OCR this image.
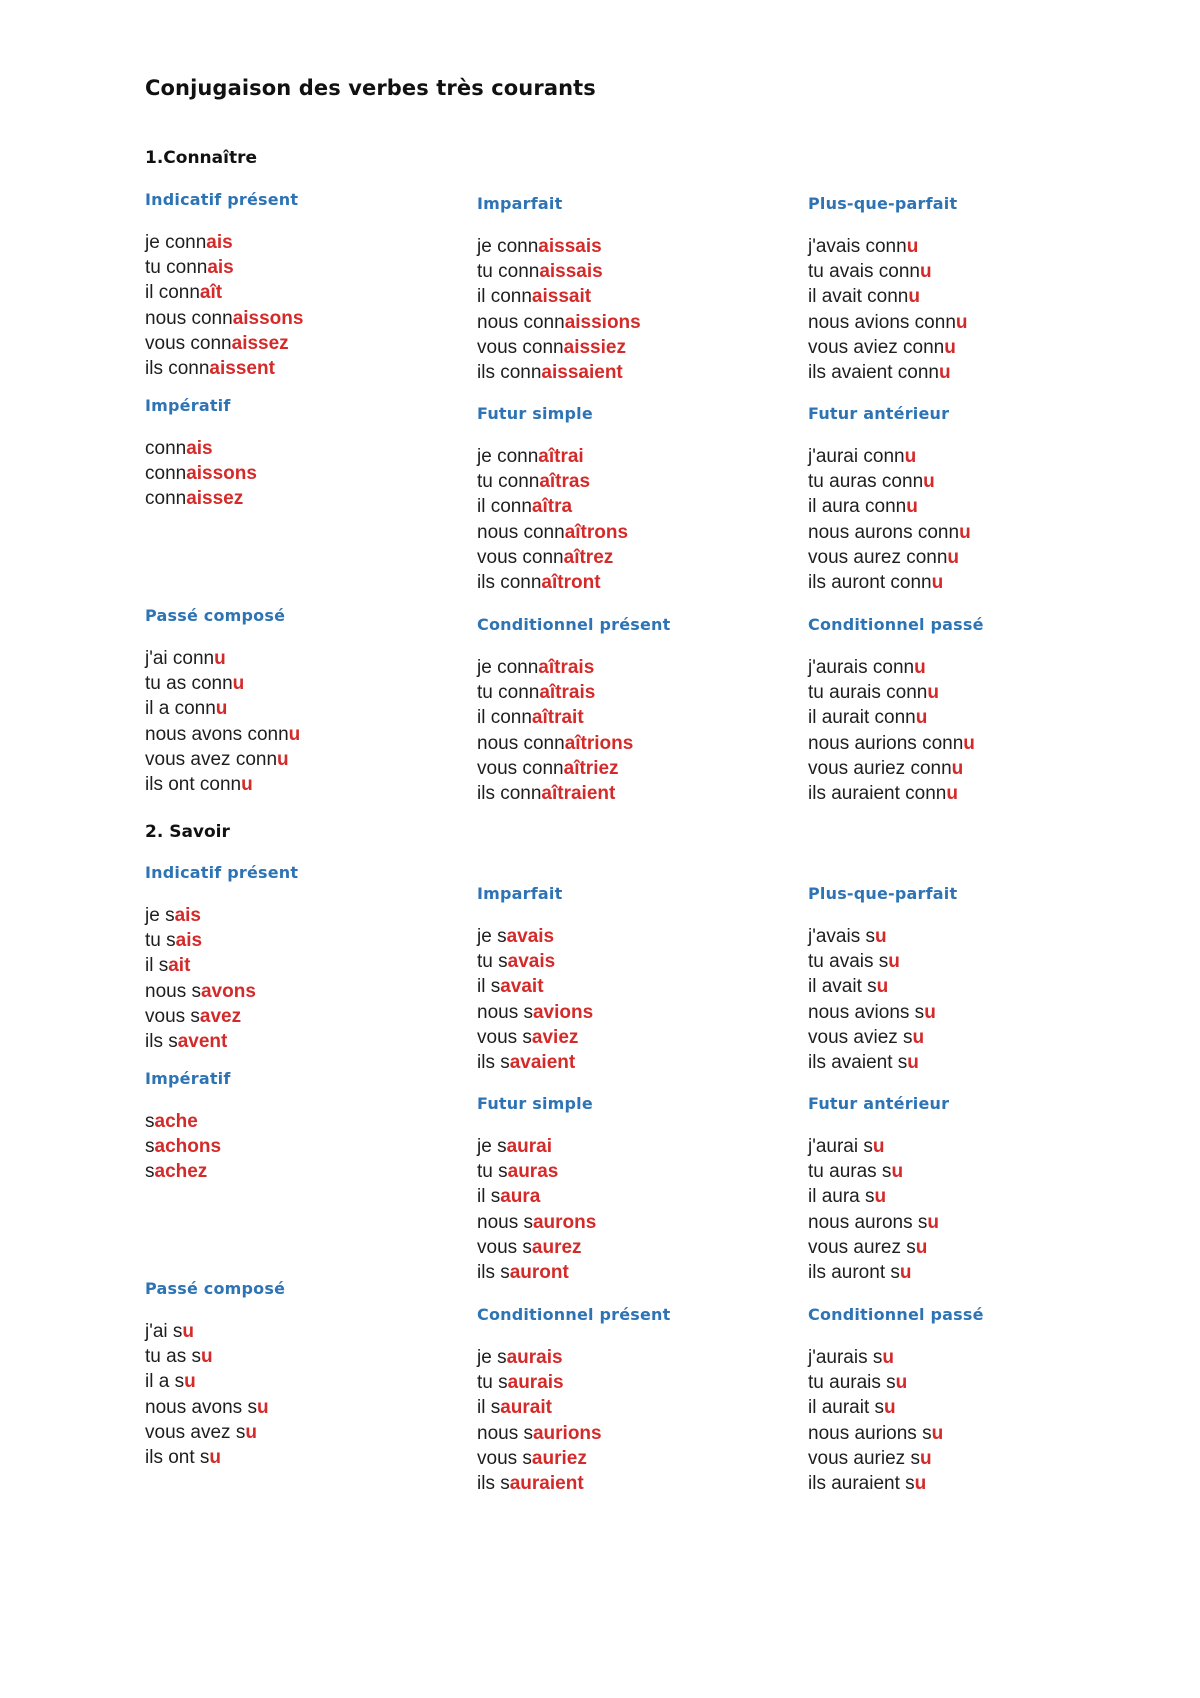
Conjugaison des verbes très courants
1.Connaître
Indicatif présent
je connais
tu connais
il connaît
nous connaissons
vous connaissez
ils connaissent
Impératif
connais
connaissons
connaissez
Passé composé
j'ai connu
tu as connu
il a connu
nous avons connu
vous avez connu
ils ont connu
Imparfait
je connaissais
tu connaissais
il connaissait
nous connaissions
vous connaissiez
ils connaissaient
Futur simple
je connaîtrai
tu connaîtras
il connaîtra
nous connaîtrons
vous connaîtrez
ils connaîtront
Conditionnel présent
je connaîtrais
tu connaîtrais
il connaîtrait
nous connaîtrions
vous connaîtriez
ils connaîtraient
Plus-que-parfait
j'avais connu
tu avais connu
il avait connu
nous avions connu
vous aviez connu
ils avaient connu
Futur antérieur
j'aurai connu
tu auras connu
il aura connu
nous aurons connu
vous aurez connu
ils auront connu
Conditionnel passé
j'aurais connu
tu aurais connu
il aurait connu
nous aurions connu
vous auriez connu
ils auraient connu
2. Savoir
Indicatif présent
je sais
tu sais
il sait
nous savons
vous savez
ils savent
Impératif
sache
sachons
sachez
Passé composé
j'ai su
tu as su
il a su
nous avons su
vous avez su
ils ont su
Imparfait
je savais
tu savais
il savait
nous savions
vous saviez
ils savaient
Futur simple
je saurai
tu sauras
il saura
nous saurons
vous saurez
ils sauront
Conditionnel présent
je saurais
tu saurais
il saurait
nous saurions
vous sauriez
ils sauraient
Plus-que-parfait
j'avais su
tu avais su
il avait su
nous avions su
vous aviez su
ils avaient su
Futur antérieur
j'aurai su
tu auras su
il aura su
nous aurons su
vous aurez su
ils auront su
Conditionnel passé
j'aurais su
tu aurais su
il aurait su
nous aurions su
vous auriez su
ils auraient su
